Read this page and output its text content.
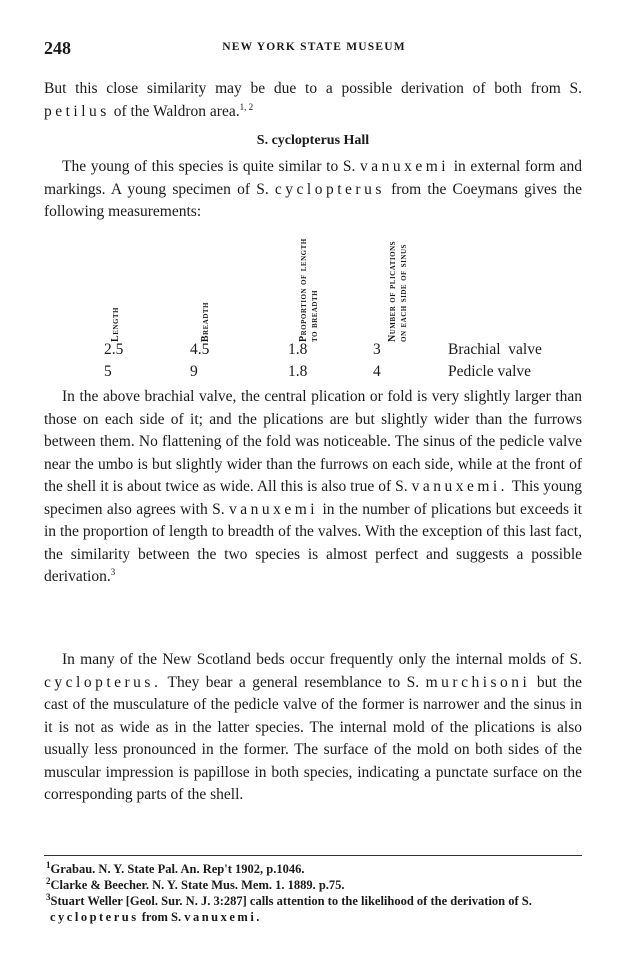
248	NEW YORK STATE MUSEUM
But this close similarity may be due to a possible derivation of both from S. petilus of the Waldron area.$^{1, 2}$
S. cyclopterus Hall
The young of this species is quite similar to S. vanuxemi in external form and markings. A young specimen of S. cyclopterus from the Coeymans gives the following measurements:
Length	Breadth	Proportion of length to breadth	Number of plications on each side of sinus
2.5	4.5	1.8	3	Brachial  valve
5	9	1.8	4	Pedicle valve
In the above brachial valve, the central plication or fold is very slightly larger than those on each side of it; and the plications are but slightly wider than the furrows between them. No flattening of the fold was noticeable. The sinus of the pedicle valve near the umbo is but slightly wider than the furrows on each side, while at the front of the shell it is about twice as wide. All this is also true of S. vanuxemi. This young specimen also agrees with S. vanuxemi in the number of plications but exceeds it in the proportion of length to breadth of the valves. With the exception of this last fact, the similarity between the two species is almost perfect and suggests a possible derivation.$^3$
In many of the New Scotland beds occur frequently only the internal molds of S. cyclopterus. They bear a general resemblance to S. murchisoni but the cast of the musculature of the pedicle valve of the former is narrower and the sinus in it is not as wide as in the latter species. The internal mold of the plications is also usually less pronounced in the former. The surface of the mold on both sides of the muscular impression is papillose in both species, indicating a punctate surface on the corresponding parts of the shell.
$^1$Grabau. N. Y. State Pal. An. Rep't 1902, p.1046.
$^2$Clarke & Beecher. N. Y. State Mus. Mem. 1. 1889. p.75.
$^3$Stuart Weller [Geol. Sur. N. J. 3:287] calls attention to the likelihood of the derivation of S. cyclopterus from S. vanuxemi.
